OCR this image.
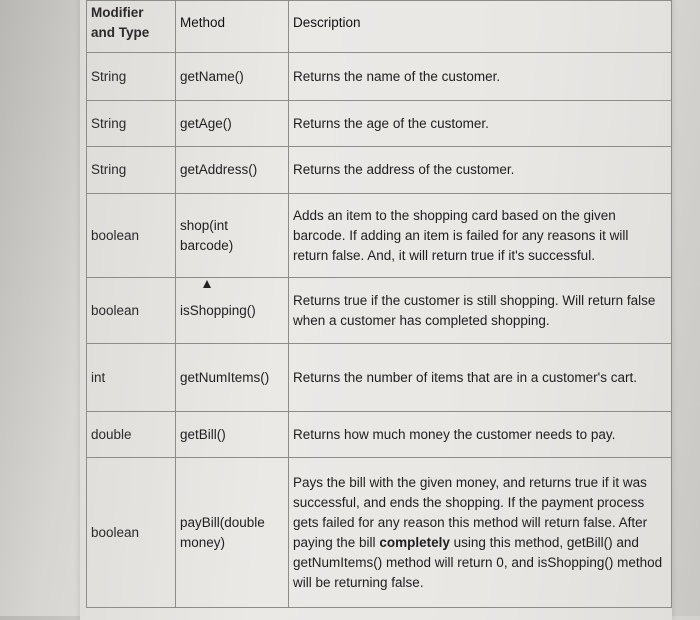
Modifier and Type	Method	Description
String	getName()	Returns the name of the customer.
String	getAge()	Returns the age of the customer.
String	getAddress()	Returns the address of the customer.
boolean	shop(int barcode)	Adds an item to the shopping card based on the given barcode. If adding an item is failed for any reasons it will return false. And, it will return true if it's successful.
boolean	isShopping()	Returns true if the customer is still shopping. Will return false when a customer has completed shopping.
int	getNumItems()	Returns the number of items that are in a customer's cart.
double	getBill()	Returns how much money the customer needs to pay.
boolean	payBill(double money)	Pays the bill with the given money, and returns true if it was successful, and ends the shopping. If the payment process gets failed for any reason this method will return false. After paying the bill completely using this method, getBill() and getNumItems() method will return 0, and isShopping() method will be returning false.
